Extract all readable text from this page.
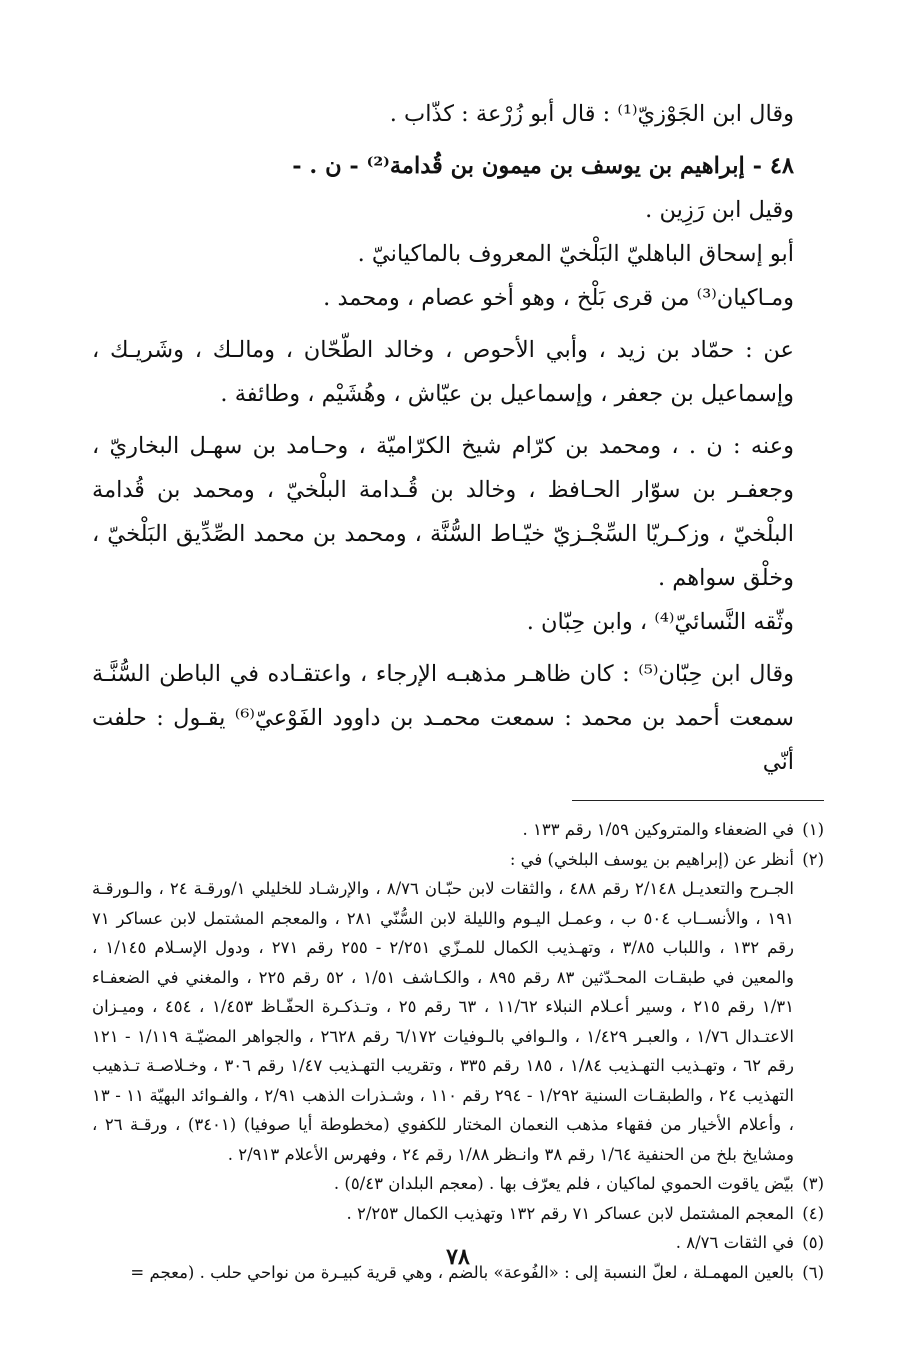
وقال ابن الجَوْزيّ⁽¹⁾ : قال أبو زُرْعة : كذّاب .

٤٨ - إبراهيم بن يوسف بن ميمون بن قُدامة⁽²⁾ - ن . -

وقيل ابن رَزِين .

أبو إسحاق الباهليّ البَلْخيّ المعروف بالماكيانيّ .

ومـاكيان⁽³⁾ من قرى بَلْخ ، وهو أخو عصام ، ومحمد .

عن : حمّاد بن زيد ، وأبي الأحوص ، وخالد الطّحّان ، ومالـك ، وشَريـك ، وإسماعيل بن جعفر ، وإسماعيل بن عيّاش ، وهُشَيْم ، وطائفة .

وعنه : ن . ، ومحمد بن كرّام شيخ الكرّاميّة ، وحـامد بن سهـل البخاريّ ، وجعفـر بن سوّار الحـافظ ، وخالد بن قُـدامة البلْخيّ ، ومحمد بن قُدامة البلْخيّ ، وزكـريّا السِّجْـزيّ خيّـاط السُّنَّة ، ومحمد بن محمد الصِّدِّيق البَلْخيّ ، وخلْق سواهم .

وثّقه النَّسائيّ⁽⁴⁾ ، وابن حِبّان .

وقال ابن حِبّان⁽⁵⁾ : كان ظاهـر مذهبـه الإرجاء ، واعتقـاده في الباطن السُّنَّـة سمعت أحمد بن محمد : سمعت محمـد بن داوود الفَوْعيّ⁽⁶⁾ يقـول : حلفت أنّي

(١)في الضعفاء والمتروكين ١/٥٩ رقم ١٣٣ .

(٢)أنظر عن (إبراهيم بن يوسف البلخي) في :

الجـرح والتعديـل ٢/١٤٨ رقم ٤٨٨ ، والثقات لابن حبّـان ٨/٧٦ ، والإرشـاد للخليلي ١/ورقـة ٢٤ ، والـورقـة ١٩١ ، والأنســاب ٥٠٤ ب ، وعمـل اليـوم والليلة لابن السُّنّي ٢٨١ ، والمعجم المشتمل لابن عساكر ٧١ رقم ١٣٢ ، واللباب ٣/٨٥ ، وتهـذيب الكمال للمـزّي ٢/٢٥١ - ٢٥٥ رقم ٢٧١ ، ودول الإسـلام ١/١٤٥ ، والمعين في طبقـات المحـدّثين ٨٣ رقم ٨٩٥ ، والكـاشف ١/٥١ ، ٥٢ رقم ٢٢٥ ، والمغني في الضعفـاء ١/٣١ رقم ٢١٥ ، وسير أعـلام النبلاء ١١/٦٢ ، ٦٣ رقم ٢٥ ، وتـذكـرة الحفّـاظ ١/٤٥٣ ، ٤٥٤ ، وميـزان الاعتـدال ١/٧٦ ، والعبـر ١/٤٢٩ ، والـوافي بالـوفيات ٦/١٧٢ رقم ٢٦٢٨ ، والجواهر المضيّـة ١/١١٩ - ١٢١ رقم ٦٢ ، وتهـذيب التهـذيب ١/٨٤ ، ١٨٥ رقم ٣٣٥ ، وتقريب التهـذيب ١/٤٧ رقم ٣٠٦ ، وخـلاصـة تـذهيب التهذيب ٢٤ ، والطبقـات السنية ١/٢٩٢ - ٢٩٤ رقم ١١٠ ، وشـذرات الذهب ٢/٩١ ، والفـوائد البهيّة ١١ - ١٣ ، وأعلام الأخيار من فقهاء مذهب النعمان المختار للكفوي (مخطوطة أيا صوفيا) (٣٤٠١) ، ورقـة ٢٦ ، ومشايخ بلخ من الحنفية ١/٦٤ رقم ٣٨ وانـظر ١/٨٨ رقم ٢٤ ، وفهرس الأعلام ٢/٩١٣ .

(٣)بيّض ياقوت الحموي لماكيان ، فلم يعرّف بها . (معجم البلدان ٥/٤٣) .

(٤)المعجم المشتمل لابن عساكر ٧١ رقم ١٣٢ وتهذيب الكمال ٢/٢٥٣ .

(٥)في الثقات ٨/٧٦ .

(٦)بالعين المهمـلة ، لعلّ النسبة إلى : «الفُوعة» بالضم ، وهي قرية كبيـرة من نواحي حلب . (معجم =

٧٨
